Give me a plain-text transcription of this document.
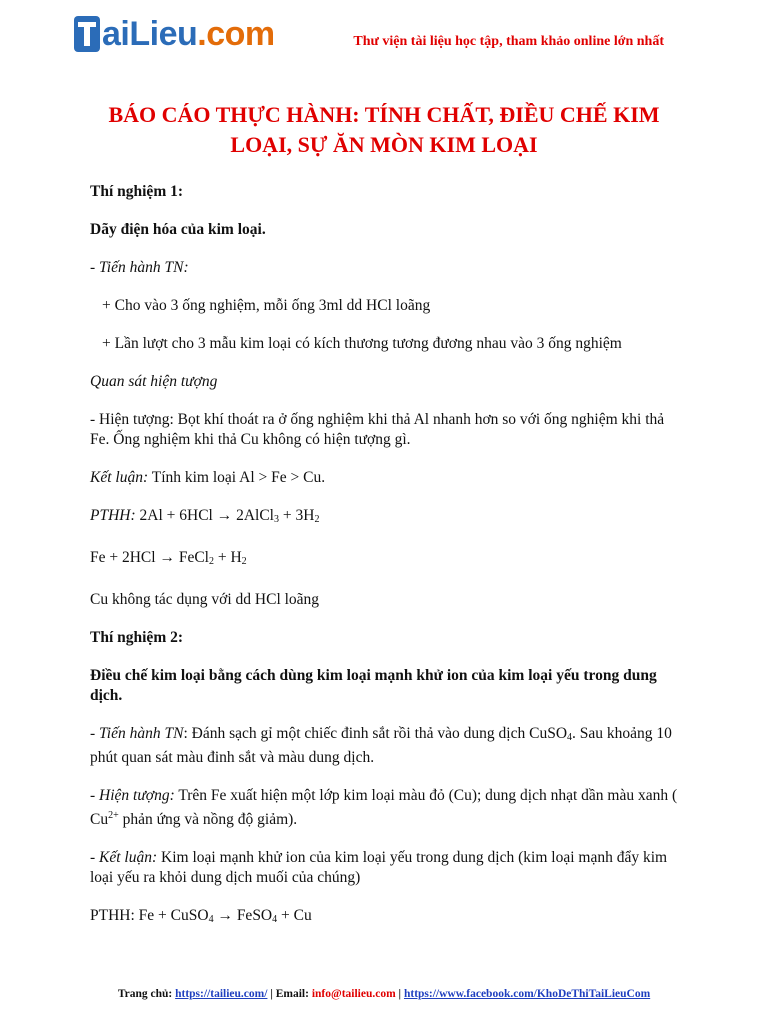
aiLieu.com	Thư viện tài liệu học tập, tham khảo online lớn nhất
BÁO CÁO THỰC HÀNH: TÍNH CHẤT, ĐIỀU CHẾ KIM LOẠI, SỰ ĂN MÒN KIM LOẠI
Thí nghiệm 1:
Dãy điện hóa của kim loại.
- Tiến hành TN:
+ Cho vào 3 ống nghiệm, mỗi ống 3ml dd HCl loãng
+ Lần lượt cho 3 mẫu kim loại có kích thương tương đương nhau vào 3 ống nghiệm
Quan sát hiện tượng
- Hiện tượng: Bọt khí thoát ra ở ống nghiệm khi thả Al nhanh hơn so với ống nghiệm khi thả Fe. Ống nghiệm khi thả Cu không có hiện tượng gì.
Kết luận: Tính kim loại Al > Fe > Cu.
PTHH: 2Al + 6HCl → 2AlCl$_3$ + $3H_2$
Fe + 2HCl → FeCl$_2$ + $H_2$
Cu không tác dụng với dd HCl loãng
Thí nghiệm 2:
Điều chế kim loại bằng cách dùng kim loại mạnh khử ion của kim loại yếu trong dung dịch.
- Tiến hành TN: Đánh sạch gỉ một chiếc đinh sắt rồi thả vào dung dịch CuSO$_4$. Sau khoảng 10 phút quan sát màu đinh sắt và màu dung dịch.
- Hiện tượng: Trên Fe xuất hiện một lớp kim loại màu đỏ (Cu); dung dịch nhạt dần màu xanh ( $Cu^{2+}$ phản ứng và nồng độ giảm).
- Kết luận: Kim loại mạnh khử ion của kim loại yếu trong dung dịch (kim loại mạnh đẩy kim loại yếu ra khỏi dung dịch muối của chúng)
PTHH: Fe + CuSO$_4$ → FeSO$_4$ + Cu
Trang chủ: https://tailieu.com/ | Email: info@tailieu.com | https://www.facebook.com/KhoDeThiTaiLieuCom
